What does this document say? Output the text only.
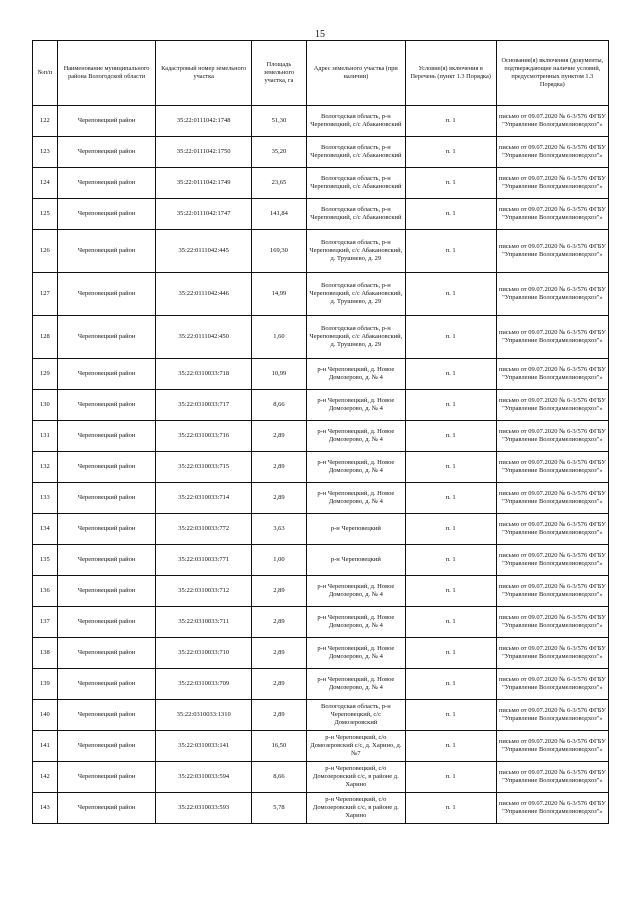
15
№п/п	Наименование муниципального района Вологодской области	Кадастровый номер земельного участка	Площадь земельного участка, га	Адрес земельного участка (при наличии)	Условие(я) включения в Перечень (пункт 1.3 Порядка)	Основание(я) включения (документы, подтверждающие наличие условий, предусмотренных пунктом 1.3 Порядка)
122	Череповецкий район	35:22:0111042:1748	51,30	Вологодская область, р-н Череповецкий, с/с Абакановский	п. 1	письмо от 09.07.2020 № 6-3/576 ФГБУ "Управление Вологдамелиоводхоз"»
123	Череповецкий район	35:22:0111042:1750	35,20	Вологодская область, р-н Череповецкий, с/с Абакановский	п. 1	письмо от 09.07.2020 № 6-3/576 ФГБУ "Управление Вологдамелиоводхоз"»
124	Череповецкий район	35:22:0111042:1749	23,65	Вологодская область, р-н Череповецкий, с/с Абакановский	п. 1	письмо от 09.07.2020 № 6-3/576 ФГБУ "Управление Вологдамелиоводхоз"»
125	Череповецкий район	35:22:0111042:1747	141,84	Вологодская область, р-н Череповецкий, с/с Абакановский	п. 1	письмо от 09.07.2020 № 6-3/576 ФГБУ "Управление Вологдамелиоводхоз"»
126	Череповецкий район	35:22:0111042:445	169,30	Вологодская область, р-н Череповецкий, с/с Абакановский, д. Трушнево, д. 29	п. 1	письмо от 09.07.2020 № 6-3/576 ФГБУ "Управление Вологдамелиоводхоз"»
127	Череповецкий район	35:22:0111042:446	14,99	Вологодская область, р-н Череповецкий, с/с Абакановский, д. Трушнево, д. 29	п. 1	письмо от 09.07.2020 № 6-3/576 ФГБУ "Управление Вологдамелиоводхоз"»
128	Череповецкий район	35:22:0111042:450	1,60	Вологодская область, р-н Череповецкий, с/с Абакановский, д. Трушнево, д. 29	п. 1	письмо от 09.07.2020 № 6-3/576 ФГБУ "Управление Вологдамелиоводхоз"»
129	Череповецкий район	35:22:0310033:718	10,99	р-н Череповецкий, д. Новое Домозерово, д. № 4	п. 1	письмо от 09.07.2020 № 6-3/576 ФГБУ "Управление Вологдамелиоводхоз"»
130	Череповецкий район	35:22:0310033:717	8,66	р-н Череповецкий, д. Новое Домозерово, д. № 4	п. 1	письмо от 09.07.2020 № 6-3/576 ФГБУ "Управление Вологдамелиоводхоз"»
131	Череповецкий район	35:22:0310033:716	2,89	р-н Череповецкий, д. Новое Домозерово, д. № 4	п. 1	письмо от 09.07.2020 № 6-3/576 ФГБУ "Управление Вологдамелиоводхоз"»
132	Череповецкий район	35:22:0310033:715	2,89	р-н Череповецкий, д. Новое Домозерово, д. № 4	п. 1	письмо от 09.07.2020 № 6-3/576 ФГБУ "Управление Вологдамелиоводхоз"»
133	Череповецкий район	35:22:0310033:714	2,89	р-н Череповецкий, д. Новое Домозерово, д. № 4	п. 1	письмо от 09.07.2020 № 6-3/576 ФГБУ "Управление Вологдамелиоводхоз"»
134	Череповецкий район	35:22:0310033:772	3,63	р-н Череповецкий	п. 1	письмо от 09.07.2020 № 6-3/576 ФГБУ "Управление Вологдамелиоводхоз"»
135	Череповецкий район	35:22:0310033:771	1,00	р-н Череповецкий	п. 1	письмо от 09.07.2020 № 6-3/576 ФГБУ "Управление Вологдамелиоводхоз"»
136	Череповецкий район	35:22:0310033:712	2,89	р-н Череповецкий, д. Новое Домозерово, д. № 4	п. 1	письмо от 09.07.2020 № 6-3/576 ФГБУ "Управление Вологдамелиоводхоз"»
137	Череповецкий район	35:22:0310033:711	2,89	р-н Череповецкий, д. Новое Домозерово, д. № 4	п. 1	письмо от 09.07.2020 № 6-3/576 ФГБУ "Управление Вологдамелиоводхоз"»
138	Череповецкий район	35:22:0310033:710	2,89	р-н Череповецкий, д. Новое Домозерово, д. № 4	п. 1	письмо от 09.07.2020 № 6-3/576 ФГБУ "Управление Вологдамелиоводхоз"»
139	Череповецкий район	35:22:0310033:709	2,89	р-н Череповецкий, д. Новое Домозерово, д. № 4	п. 1	письмо от 09.07.2020 № 6-3/576 ФГБУ "Управление Вологдамелиоводхоз"»
140	Череповецкий район	35:22:0310033:1310	2,89	Вологодская область, р-н Череповецкий, с/с Домозеровский	п. 1	письмо от 09.07.2020 № 6-3/576 ФГБУ "Управление Вологдамелиоводхоз"»
141	Череповецкий район	35:22:0310033:141	16,50	р-н Череповецкий, с/о Домозеровский с/с, д. Харино, д. №7	п. 1	письмо от 09.07.2020 № 6-3/576 ФГБУ "Управление Вологдамелиоводхоз"»
142	Череповецкий район	35:22:0310033:594	8,66	р-н Череповецкий, с/о Домозеровский с/с, в районе д. Харино	п. 1	письмо от 09.07.2020 № 6-3/576 ФГБУ "Управление Вологдамелиоводхоз"»
143	Череповецкий район	35:22:0310033:593	5,78	р-н Череповецкий, с/о Домозеровский с/с, в районе д. Харино	п. 1	письмо от 09.07.2020 № 6-3/576 ФГБУ "Управление Вологдамелиоводхоз"»
